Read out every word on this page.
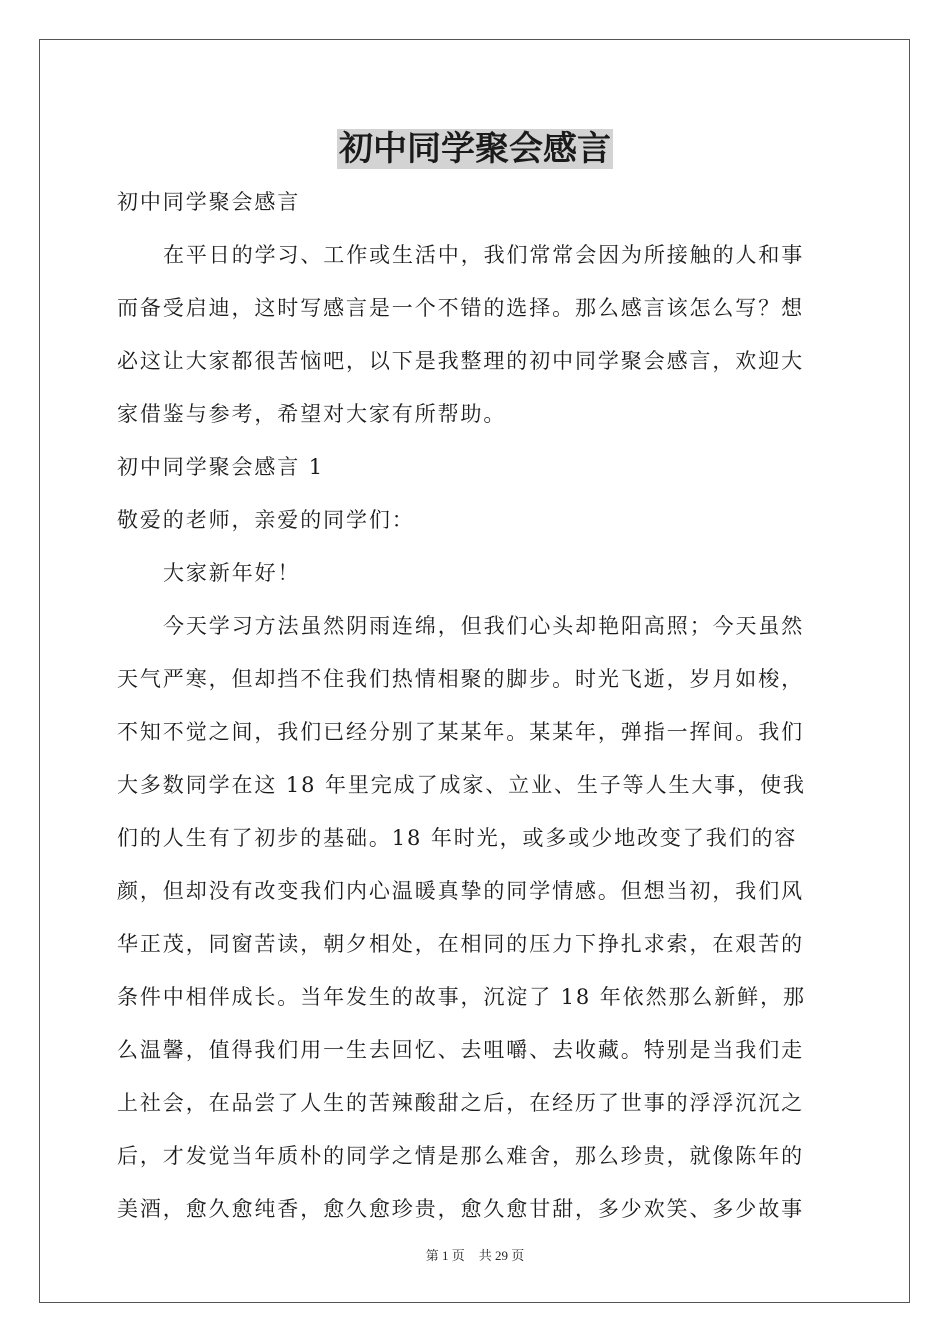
初中同学聚会感言
初中同学聚会感言
在平日的学习、工作或生活中，我们常常会因为所接触的人和事
而备受启迪，这时写感言是一个不错的选择。那么感言该怎么写？想
必这让大家都很苦恼吧，以下是我整理的初中同学聚会感言，欢迎大
家借鉴与参考，希望对大家有所帮助。
初中同学聚会感言 1
敬爱的老师，亲爱的同学们：
大家新年好！
今天学习方法虽然阴雨连绵，但我们心头却艳阳高照；今天虽然
天气严寒，但却挡不住我们热情相聚的脚步。时光飞逝，岁月如梭，
不知不觉之间，我们已经分别了某某年。某某年，弹指一挥间。我们
大多数同学在这 18 年里完成了成家、立业、生子等人生大事，使我
们的人生有了初步的基础。18 年时光，或多或少地改变了我们的容
颜，但却没有改变我们内心温暖真挚的同学情感。但想当初，我们风
华正茂，同窗苦读，朝夕相处，在相同的压力下挣扎求索，在艰苦的
条件中相伴成长。当年发生的故事，沉淀了 18 年依然那么新鲜，那
么温馨，值得我们用一生去回忆、去咀嚼、去收藏。特别是当我们走
上社会，在品尝了人生的苦辣酸甜之后，在经历了世事的浮浮沉沉之
后，才发觉当年质朴的同学之情是那么难舍，那么珍贵，就像陈年的
美酒，愈久愈纯香，愈久愈珍贵，愈久愈甘甜，多少欢笑、多少故事
第 1 页 共 29 页
